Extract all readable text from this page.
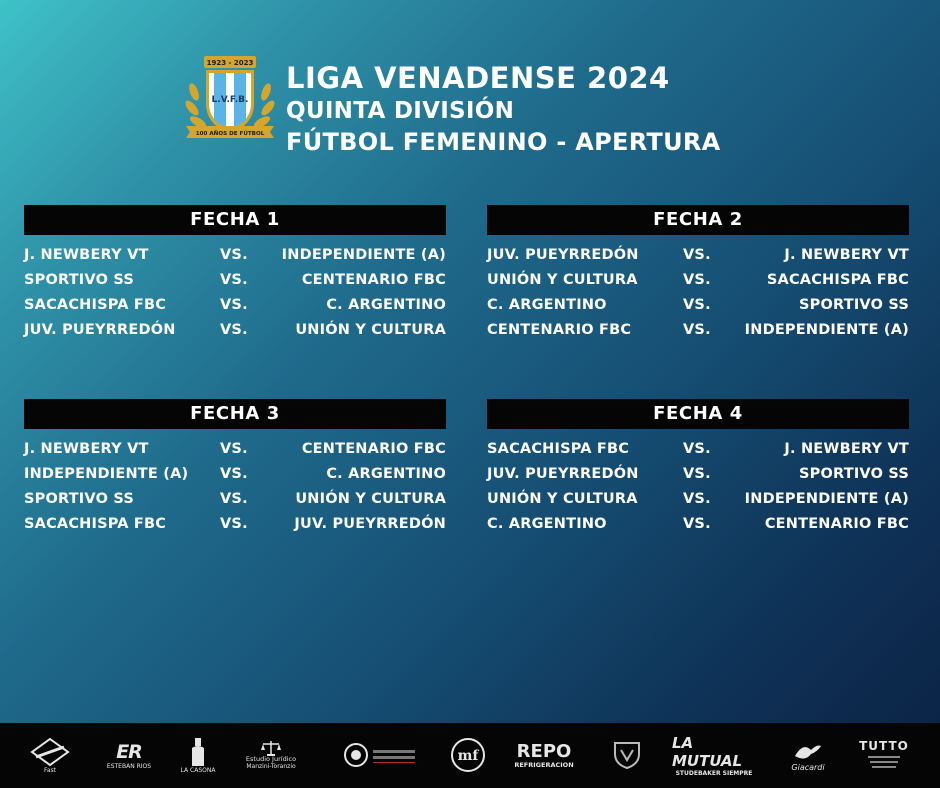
1923 - 2023
L.V.F.B.
100 AÑOS DE FÚTBOL
LIGA VENADENSE 2024
QUINTA DIVISIÓN
FÚTBOL FEMENINO - APERTURA
FECHA 1
J. NEWBERY VT	VS. INDEPENDIENTE (A)
SPORTIVO SS	VS.	CENTENARIO FBC
SACACHISPA FBC	VS.	C. ARGENTINO
JUV. PUEYRREDÓN	VS.	UNIÓN Y CULTURA
FECHA 2
JUV. PUEYRREDÓN	VS.	J. NEWBERY VT
UNIÓN Y CULTURA	VS.	SACACHISPA FBC
C. ARGENTINO	VS.	SPORTIVO SS
CENTENARIO FBC	VS. INDEPENDIENTE (A)
FECHA 3
J. NEWBERY VT	VS.	CENTENARIO FBC
INDEPENDIENTE (A) VS.	C. ARGENTINO
SPORTIVO SS	VS.	UNIÓN Y CULTURA
SACACHISPA FBC	VS.	JUV. PUEYRREDÓN
FECHA 4
SACACHISPA FBC	VS.	J. NEWBERY VT
JUV. PUEYRREDÓN	VS.	SPORTIVO SS
UNIÓN Y CULTURA	VS. INDEPENDIENTE (A)
C. ARGENTINO	VS.	CENTENARIO FBC
Fast
ER
ESTEBAN RIOS
LA CASONA
Estudio Jurídico
Manzini-Toranzio
mf REPO
REFRIGERACION
LA MUTUAL
STUDEBAKER SIEMPRE
Giacardi
TUTTO
